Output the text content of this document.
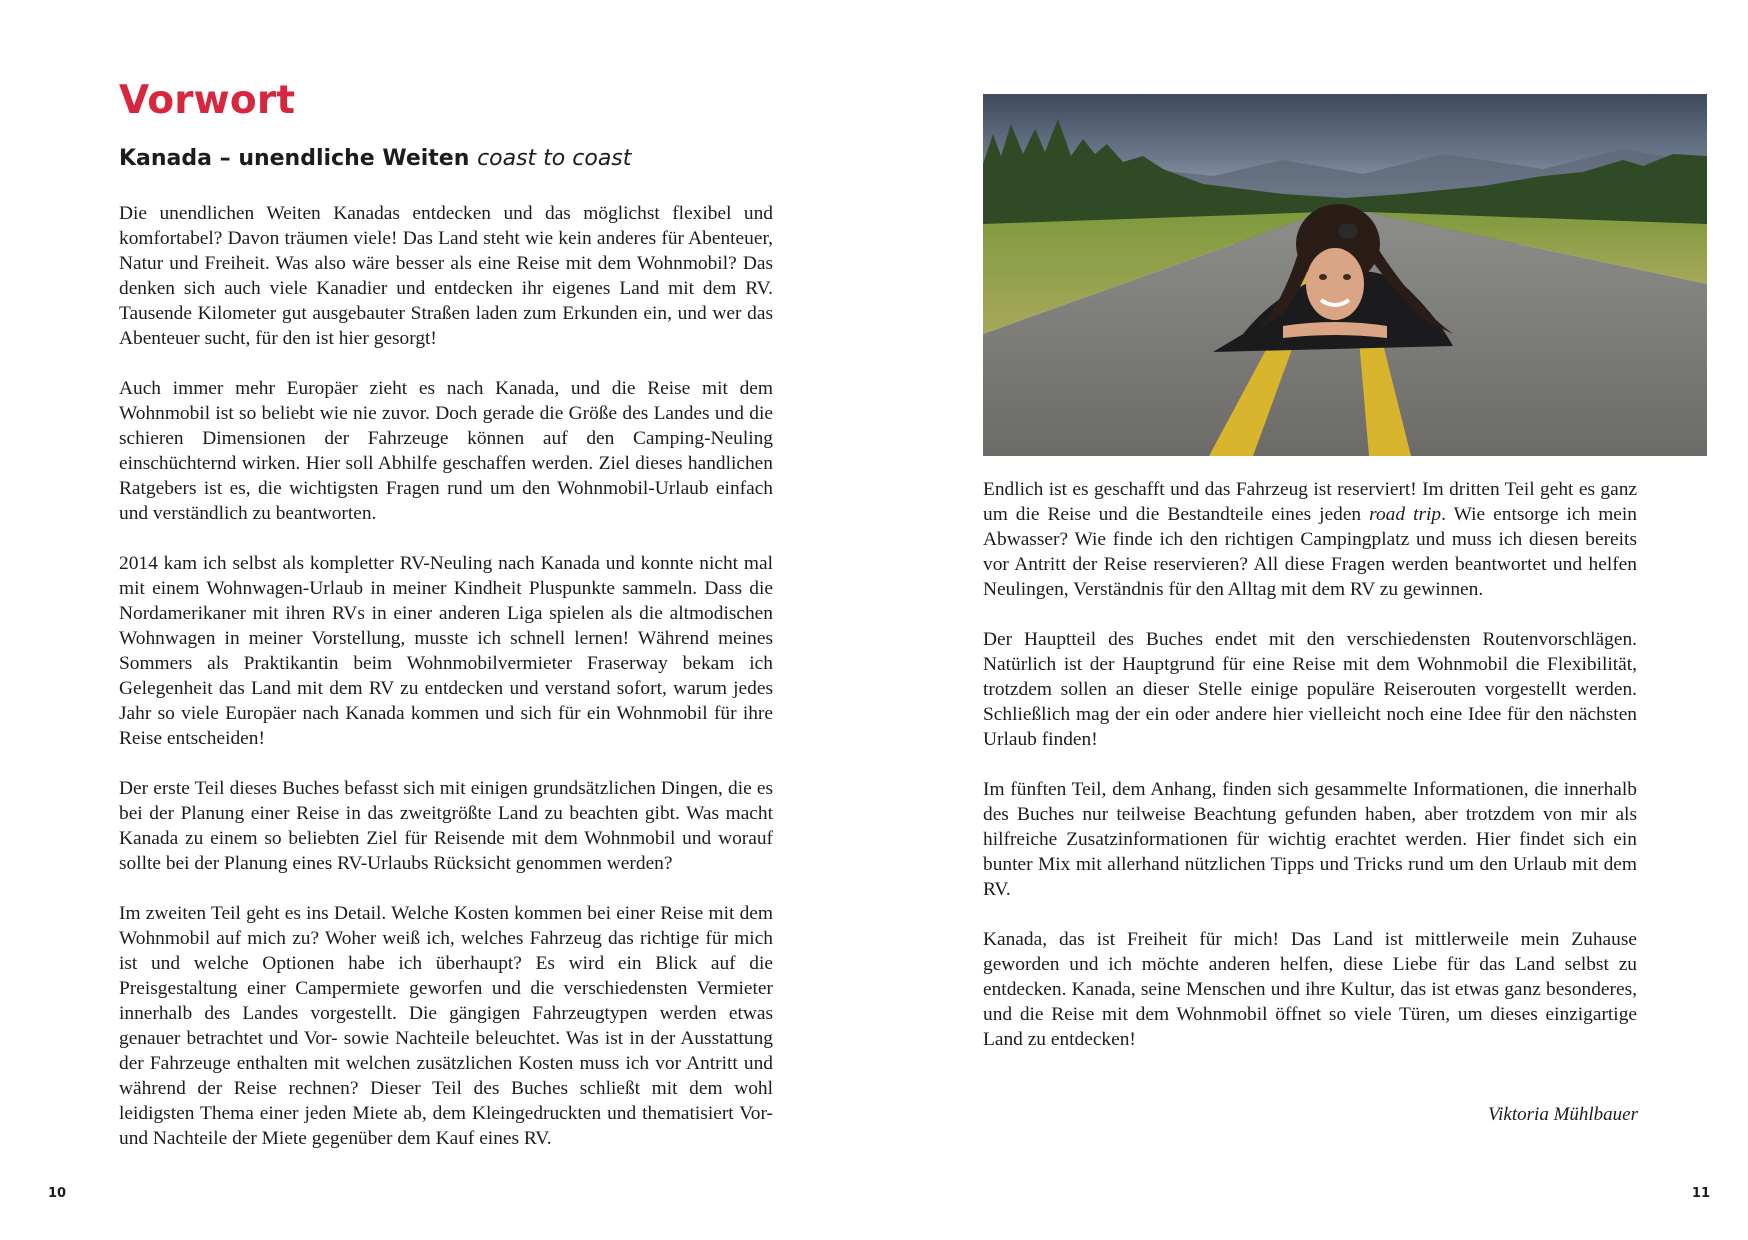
Vorwort
Kanada – unendliche Weiten coast to coast

Die unendlichen Weiten Kanadas entdecken und das möglichst flexibel und komfortabel? Davon träumen viele! Das Land steht wie kein anderes für Abenteuer, Natur und Freiheit. Was also wäre besser als eine Reise mit dem Wohnmobil? Das denken sich auch viele Kanadier und entdecken ihr eigenes Land mit dem RV. Tausende Kilometer gut ausgebauter Straßen laden zum Erkunden ein, und wer das Abenteuer sucht, für den ist hier gesorgt!

Auch immer mehr Europäer zieht es nach Kanada, und die Reise mit dem Wohnmobil ist so beliebt wie nie zuvor. Doch gerade die Größe des Landes und die schieren Dimensionen der Fahrzeuge können auf den Camping-Neuling einschüchternd wirken. Hier soll Abhilfe geschaffen werden. Ziel dieses handlichen Ratgebers ist es, die wichtigsten Fragen rund um den Wohnmobil-Urlaub einfach und verständlich zu beantworten.

2014 kam ich selbst als kompletter RV-Neuling nach Kanada und konnte nicht mal mit einem Wohnwagen-Urlaub in meiner Kindheit Pluspunkte sammeln. Dass die Nordamerikaner mit ihren RVs in einer anderen Liga spielen als die altmodischen Wohnwagen in meiner Vorstellung, musste ich schnell lernen! Während meines Sommers als Praktikantin beim Wohnmobilvermieter Fraserway bekam ich Gelegenheit das Land mit dem RV zu entdecken und verstand sofort, warum jedes Jahr so viele Europäer nach Kanada kommen und sich für ein Wohnmobil für ihre Reise entscheiden!

Der erste Teil dieses Buches befasst sich mit einigen grundsätzlichen Dingen, die es bei der Planung einer Reise in das zweitgrößte Land zu beachten gibt. Was macht Kanada zu einem so beliebten Ziel für Reisende mit dem Wohnmobil und worauf sollte bei der Planung eines RV-Urlaubs Rücksicht genommen werden?

Im zweiten Teil geht es ins Detail. Welche Kosten kommen bei einer Reise mit dem Wohnmobil auf mich zu? Woher weiß ich, welches Fahrzeug das richtige für mich ist und welche Optionen habe ich überhaupt? Es wird ein Blick auf die Preisgestaltung einer Campermiete geworfen und die verschiedensten Vermieter innerhalb des Landes vorgestellt. Die gängigen Fahrzeugtypen werden etwas genauer betrachtet und Vor- sowie Nachteile beleuchtet. Was ist in der Ausstattung der Fahrzeuge enthalten mit welchen zusätzlichen Kosten muss ich vor Antritt und während der Reise rechnen? Dieser Teil des Buches schließt mit dem wohl leidigsten Thema einer jeden Miete ab, dem Kleingedruckten und thematisiert Vor- und Nachteile der Miete gegenüber dem Kauf eines RV.

10

Endlich ist es geschafft und das Fahrzeug ist reserviert! Im dritten Teil geht es ganz um die Reise und die Bestandteile eines jeden road trip. Wie entsorge ich mein Abwasser? Wie finde ich den richtigen Campingplatz und muss ich diesen bereits vor Antritt der Reise reservieren? All diese Fragen werden beantwortet und helfen Neulingen, Verständnis für den Alltag mit dem RV zu gewinnen.

Der Hauptteil des Buches endet mit den verschiedensten Routenvorschlägen. Natürlich ist der Hauptgrund für eine Reise mit dem Wohnmobil die Flexibilität, trotzdem sollen an dieser Stelle einige populäre Reiserouten vorgestellt werden. Schließlich mag der ein oder andere hier vielleicht noch eine Idee für den nächsten Urlaub finden!

Im fünften Teil, dem Anhang, finden sich gesammelte Informationen, die innerhalb des Buches nur teilweise Beachtung gefunden haben, aber trotzdem von mir als hilfreiche Zusatzinformationen für wichtig erachtet werden. Hier findet sich ein bunter Mix mit allerhand nützlichen Tipps und Tricks rund um den Urlaub mit dem RV.

Kanada, das ist Freiheit für mich! Das Land ist mittlerweile mein Zuhause geworden und ich möchte anderen helfen, diese Liebe für das Land selbst zu entdecken. Kanada, seine Menschen und ihre Kultur, das ist etwas ganz besonderes, und die Reise mit dem Wohnmobil öffnet so viele Türen, um dieses einzigartige Land zu entdecken!

Viktoria Mühlbauer
11
